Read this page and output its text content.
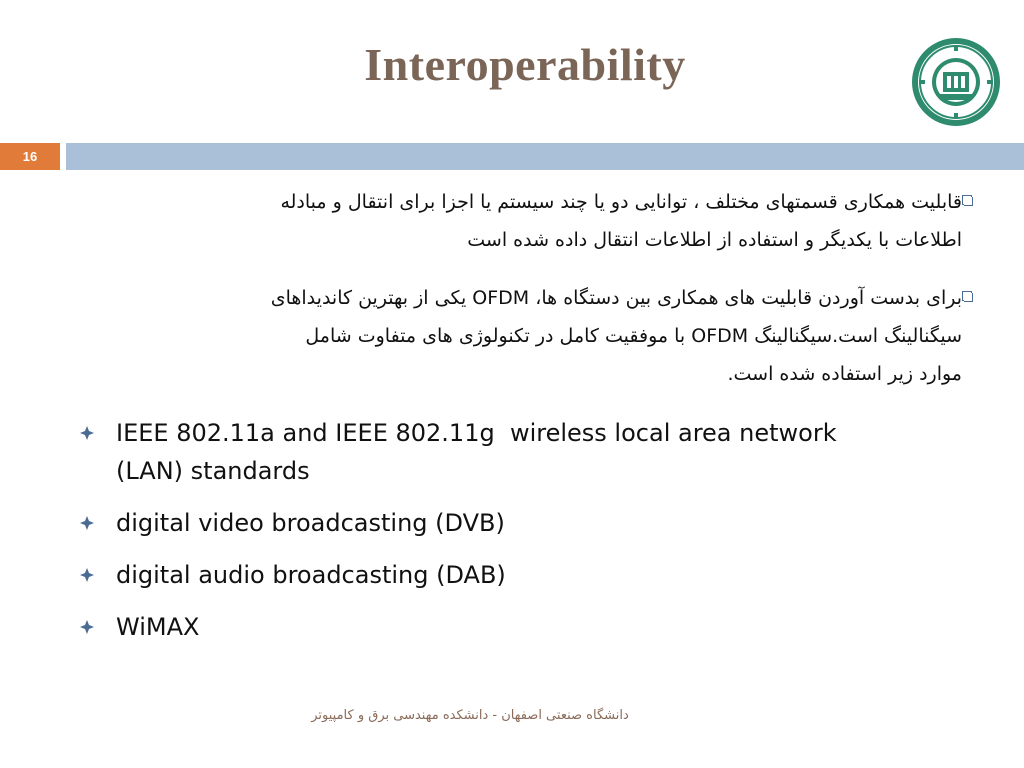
Interoperability
16
قابلیت همکاری قسمتهای مختلف ، توانایی دو یا چند سیستم یا اجزا برای انتقال و مبادله
اطلاعات با یکدیگر و استفاده از اطلاعات انتقال داده شده است
برای بدست آوردن قابلیت های همکاری بین دستگاه ها، OFDM یکی از بهترین کاندیداهای
سیگنالینگ است.سیگنالینگ OFDM با موفقیت کامل در تکنولوژی های متفاوت شامل
موارد زیر استفاده شده است.
IEEE 802.11a and IEEE 802.11g  wireless local area network
(LAN) standards
digital video broadcasting (DVB)
digital audio broadcasting (DAB)
WiMAX
دانشگاه صنعتی اصفهان - دانشکده مهندسی برق و کامپیوتر
